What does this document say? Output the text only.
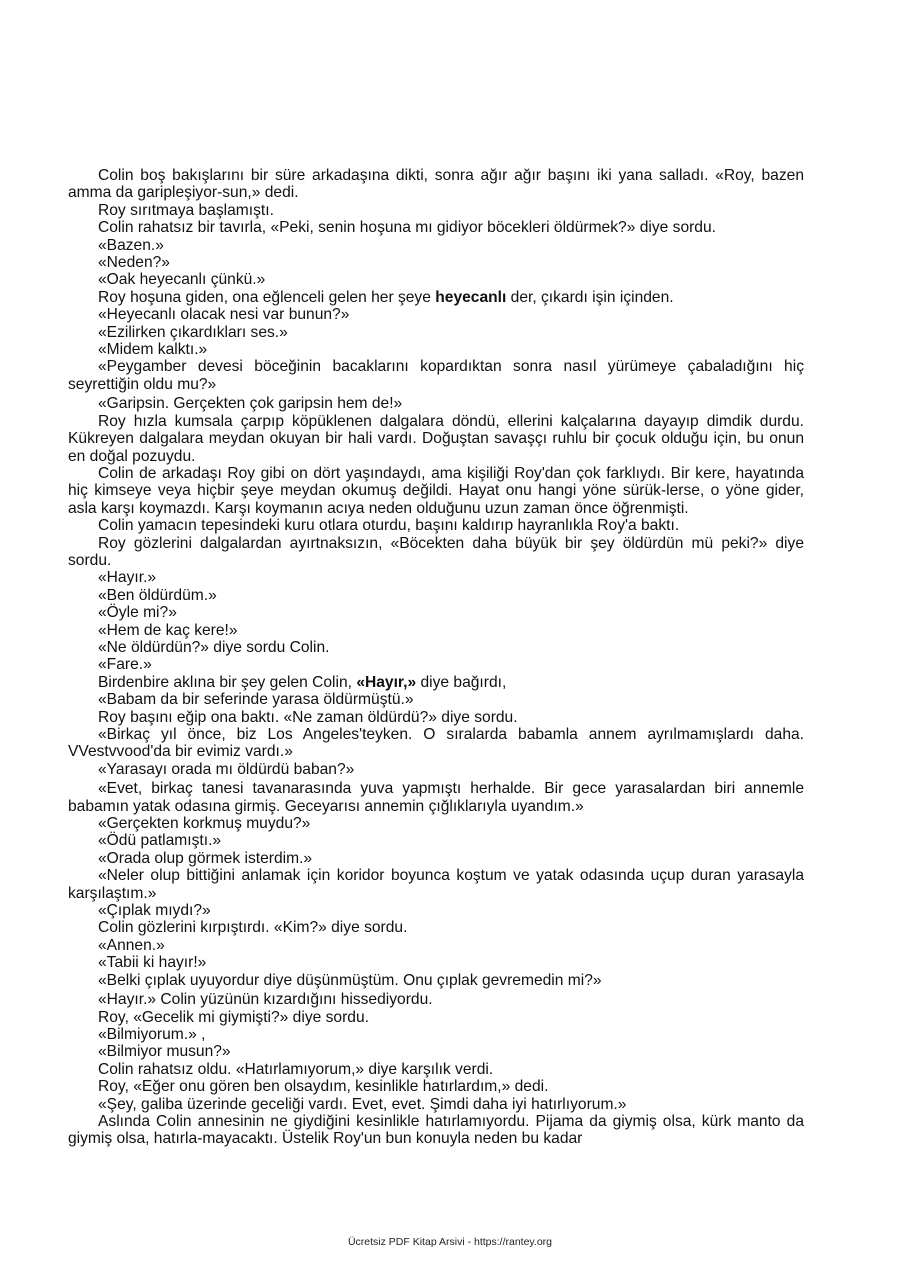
Colin boş bakışlarını bir süre arkadaşına dikti, sonra ağır ağır başını iki yana salladı. «Roy, bazen amma da garipleşiyor-sun,» dedi.

Roy sırıtmaya başlamıştı.

Colin rahatsız bir tavırla, «Peki, senin hoşuna mı gidiyor böcekleri öldürmek?» diye sordu.

«Bazen.»

«Neden?»

«Oak heyecanlı çünkü.»

Roy hoşuna giden, ona eğlenceli gelen her şeye heyecanlı der, çıkardı işin içinden.

«Heyecanlı olacak nesi var bunun?»

«Ezilirken çıkardıkları ses.»

«Midem kalktı.»

«Peygamber devesi böceğinin bacaklarını kopardıktan sonra nasıl yürümeye çabaladığını hiç seyrettiğin oldu mu?»

«Garipsin. Gerçekten çok garipsin hem de!»

Roy hızla kumsala çarpıp köpüklenen dalgalara döndü, ellerini kalçalarına dayayıp dimdik durdu. Kükreyen dalgalara meydan okuyan bir hali vardı. Doğuştan savaşçı ruhlu bir çocuk olduğu için, bu onun en doğal pozuydu.

Colin de arkadaşı Roy gibi on dört yaşındaydı, ama kişiliği Roy'dan çok farklıydı. Bir kere, hayatında hiç kimseye veya hiçbir şeye meydan okumuş değildi. Hayat onu hangi yöne sürük-lerse, o yöne gider, asla karşı koymazdı. Karşı koymanın acıya neden olduğunu uzun zaman önce öğrenmişti.

Colin yamacın tepesindeki kuru otlara oturdu, başını kaldırıp hayranlıkla Roy'a baktı.

Roy gözlerini dalgalardan ayırtnaksızın, «Böcekten daha büyük bir şey öldürdün mü peki?» diye sordu.

«Hayır.»

«Ben öldürdüm.»

«Öyle mi?»

«Hem de kaç kere!»

«Ne öldürdün?» diye sordu Colin.

«Fare.»

Birdenbire aklına bir şey gelen Colin, «Hayır,» diye bağırdı,

«Babam da bir seferinde yarasa öldürmüştü.»

Roy başını eğip ona baktı. «Ne zaman öldürdü?» diye sordu.

«Birkaç yıl önce, biz Los Angeles'teyken. O sıralarda babamla annem ayrılmamışlardı daha. VVestvvood'da bir evimiz vardı.»

«Yarasayı orada mı öldürdü baban?»

«Evet, birkaç tanesi tavanarasında yuva yapmıştı herhalde. Bir gece yarasalardan biri annemle babamın yatak odasına girmiş. Geceyarısı annemin çığlıklarıyla uyandım.»

«Gerçekten korkmuş muydu?»

«Ödü patlamıştı.»

«Orada olup görmek isterdim.»

«Neler olup bittiğini anlamak için koridor boyunca koştum ve yatak odasında uçup duran yarasayla karşılaştım.»

«Çıplak mıydı?»

Colin gözlerini kırpıştırdı. «Kim?» diye sordu.

«Annen.»

«Tabii ki hayır!»

«Belki çıplak uyuyordur diye düşünmüştüm. Onu çıplak gevremedin mi?»

«Hayır.» Colin yüzünün kızardığını hissediyordu.

Roy, «Gecelik mi giymişti?» diye sordu.

«Bilmiyorum.» ,

«Bilmiyor musun?»

Colin rahatsız oldu. «Hatırlamıyorum,» diye karşılık verdi.

Roy, «Eğer onu gören ben olsaydım, kesinlikle hatırlardım,» dedi.

«Şey, galiba üzerinde geceliği vardı. Evet, evet. Şimdi daha iyi hatırlıyorum.»

Aslında Colin annesinin ne giydiğini kesinlikle hatırlamıyordu. Pijama da giymiş olsa, kürk manto da giymiş olsa, hatırla-mayacaktı. Üstelik Roy'un bun konuyla neden bu kadar

Ücretsiz PDF Kitap Arsivi - https://rantey.org
